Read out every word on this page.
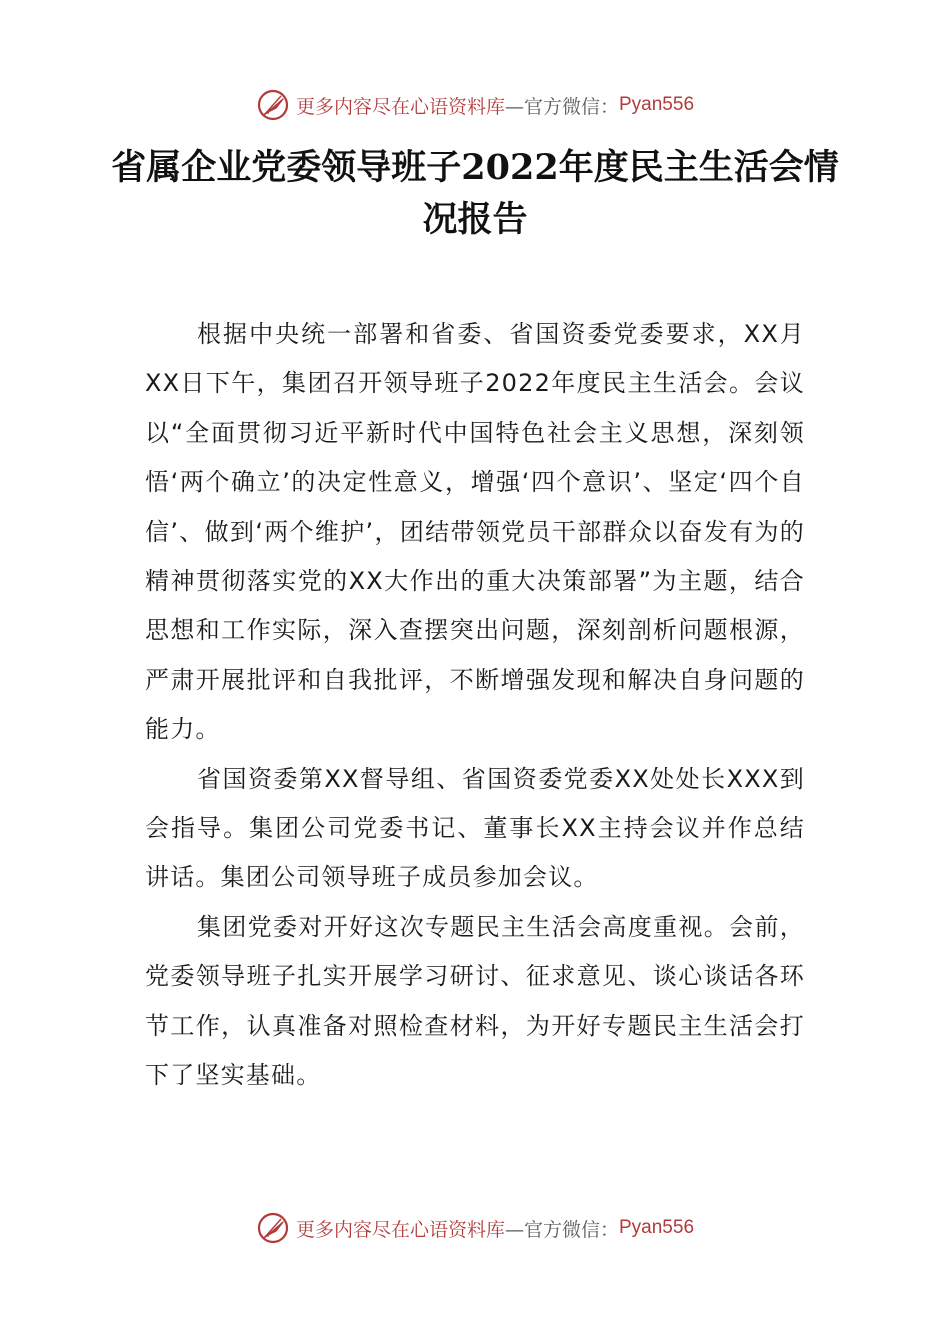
更多内容尽在心语资料库 —官方微信： Pyan556
省属企业党委领导班子2022年度民主生活会情况报告

根据中央统一部署和省委、省国资委党委要求，XX月XX日下午，集团召开领导班子2022年度民主生活会。会议以“全面贯彻习近平新时代中国特色社会主义思想，深刻领悟‘两个确立’的决定性意义，增强‘四个意识’、坚定‘四个自信’、做到‘两个维护’，团结带领党员干部群众以奋发有为的精神贯彻落实党的XX大作出的重大决策部署”为主题，结合思想和工作实际，深入查摆突出问题，深刻剖析问题根源，严肃开展批评和自我批评，不断增强发现和解决自身问题的能力。

省国资委第XX督导组、省国资委党委XX处处长XXX到会指导。集团公司党委书记、董事长XX主持会议并作总结讲话。集团公司领导班子成员参加会议。

集团党委对开好这次专题民主生活会高度重视。会前，党委领导班子扎实开展学习研讨、征求意见、谈心谈话各环节工作，认真准备对照检查材料，为开好专题民主生活会打下了坚实基础。

更多内容尽在心语资料库 —官方微信： Pyan556
